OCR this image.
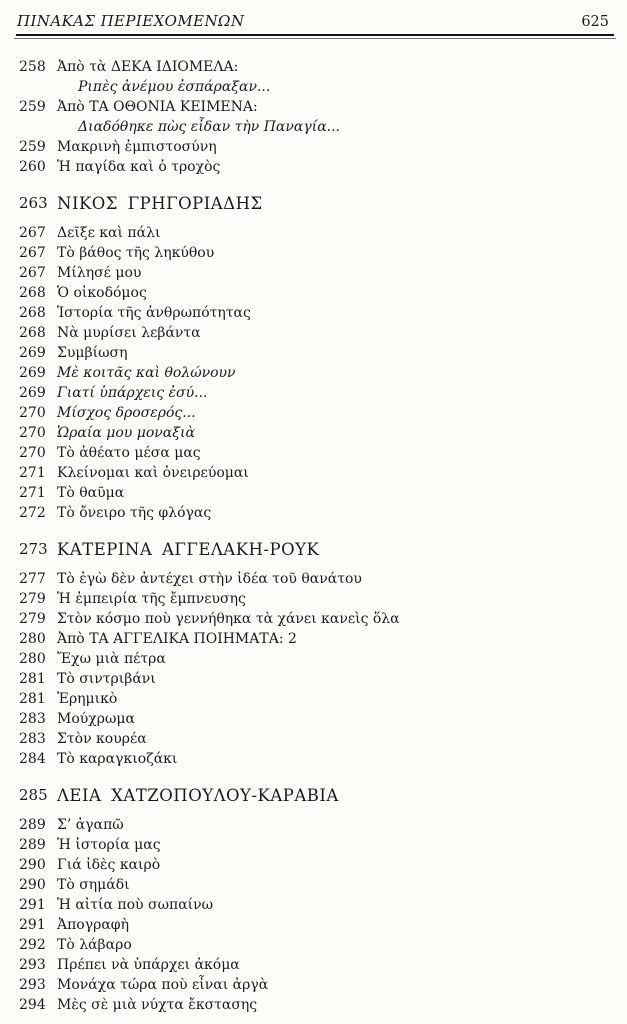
ΠΙΝΑΚΑΣ ΠΕΡΙΕΧΟΜΕΝΩΝ	625
258 Ἀπὸ τὰ ΔΕΚΑ ΙΔΙΟΜΕΛΑ:
Ριπὲς ἀνέμου ἐσπάραξαν...
259 Ἀπὸ ΤΑ ΟΘΟΝΙΑ ΚΕΙΜΕΝΑ:
Διαδόθηκε πὼς εἶδαν τὴν Παναγία...
259 Μακρινὴ ἐμπιστοσύνη
260 Ἡ παγίδα καὶ ὁ τροχὸς
263 ΝΙΚΟΣ ΓΡΗΓΟΡΙΑΔΗΣ
267 Δεῖξε καὶ πάλι
267 Τὸ βάθος τῆς ληκύθου
267 Μίλησέ μου
268 Ὁ οἰκοδόμος
268 Ἱστορία τῆς ἀνθρωπότητας
268 Νὰ μυρίσει λεβάντα
269 Συμβίωση
269 Μὲ κοιτᾶς καὶ θολώνουν
269 Γιατί ὑπάρχεις ἐσύ...
270 Μίσχος δροσερός...
270 Ὡραία μου μοναξιὰ
270 Τὸ ἀθέατο μέσα μας
271 Κλείνομαι καὶ ὀνειρεύομαι
271 Τὸ θαῦμα
272 Τὸ ὄνειρο τῆς φλόγας
273 ΚΑΤΕΡΙΝΑ ΑΓΓΕΛΑΚΗ-ΡΟΥΚ
277 Τὸ ἐγὼ δὲν ἀντέχει στὴν ἰδέα τοῦ θανάτου
279 Ἡ ἐμπειρία τῆς ἔμπνευσης
279 Στὸν κόσμο ποὺ γεννήθηκα τὰ χάνει κανεὶς ὅλα
280 Ἀπὸ ΤΑ ΑΓΓΕΛΙΚΑ ΠΟΙΗΜΑΤΑ: 2
280 Ἔχω μιὰ πέτρα
281 Τὸ σιντριβάνι
281 Ἐρημικὸ
283 Μούχρωμα
283 Στὸν κουρέα
284 Τὸ καραγκιοζάκι
285 ΛΕΙΑ ΧΑΤΖΟΠΟΥΛΟΥ-ΚΑΡΑΒΙΑ
289 Σ’ ἀγαπῶ
289 Ἡ ἱστορία μας
290 Γιά ἰδὲς καιρὸ
290 Τὸ σημάδι
291 Ἡ αἰτία ποὺ σωπαίνω
291 Ἀπογραφὴ
292 Τὸ λάβαρο
293 Πρέπει νὰ ὑπάρχει ἀκόμα
293 Μονάχα τώρα ποὺ εἶναι ἀργὰ
294 Μὲς σὲ μιὰ νύχτα ἔκστασης
